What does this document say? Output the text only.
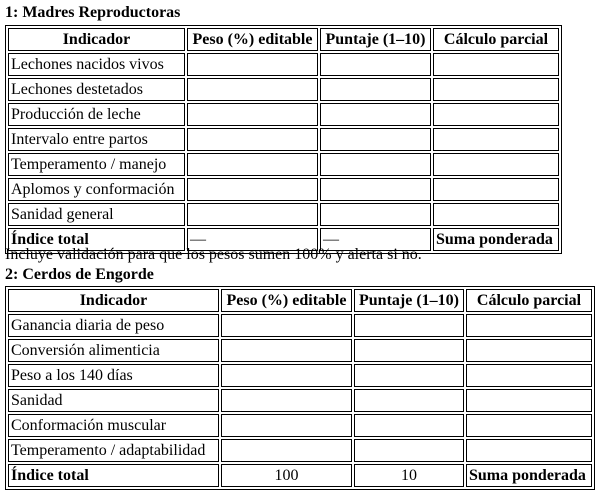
1: Madres Reproductoras
Indicador	Peso (%) editable	Puntaje (1–10)	Cálculo parcial
Lechones nacidos vivos			
Lechones destetados			
Producción de leche			
Intervalo entre partos			
Temperamento / manejo			
Aplomos y conformación			
Sanidad general			
Índice total	—	—	Suma ponderada
Incluye validación para que los pesos sumen 100% y alerta si no.
2: Cerdos de Engorde
Indicador	Peso (%) editable	Puntaje (1–10)	Cálculo parcial
Ganancia diaria de peso			
Conversión alimenticia			
Peso a los 140 días			
Sanidad			
Conformación muscular			
Temperamento / adaptabilidad			
Índice total	100	10	Suma ponderada
